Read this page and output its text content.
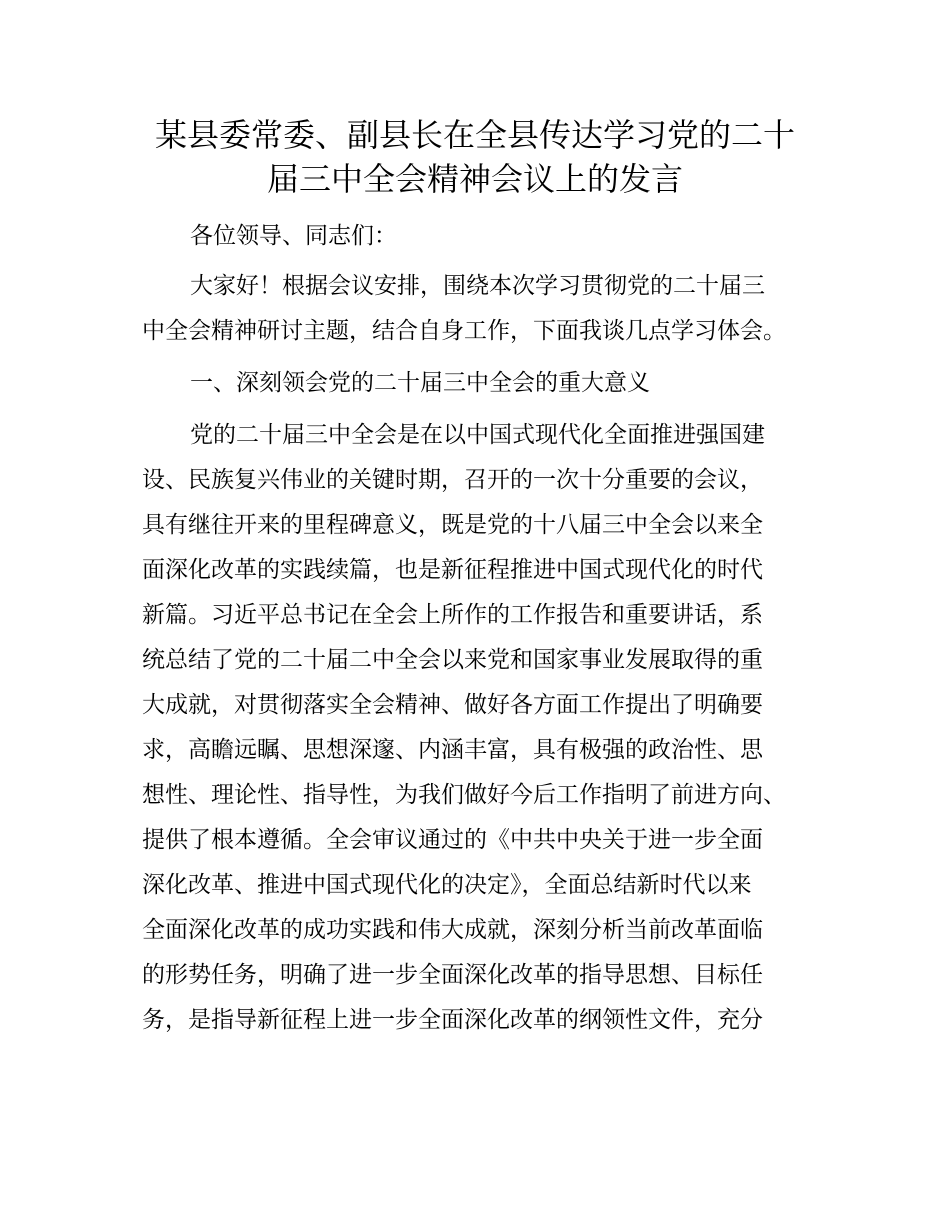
某县委常委、副县长在全县传达学习党的二十
届三中全会精神会议上的发言

各位领导、同志们：

大家好！根据会议安排，围绕本次学习贯彻党的二十届三

中全会精神研讨主题，结合自身工作，下面我谈几点学习体会。

一、深刻领会党的二十届三中全会的重大意义

党的二十届三中全会是在以中国式现代化全面推进强国建

设、民族复兴伟业的关键时期，召开的一次十分重要的会议，

具有继往开来的里程碑意义，既是党的十八届三中全会以来全

面深化改革的实践续篇，也是新征程推进中国式现代化的时代

新篇。习近平总书记在全会上所作的工作报告和重要讲话，系

统总结了党的二十届二中全会以来党和国家事业发展取得的重

大成就，对贯彻落实全会精神、做好各方面工作提出了明确要

求，高瞻远瞩、思想深邃、内涵丰富，具有极强的政治性、思

想性、理论性、指导性，为我们做好今后工作指明了前进方向、

提供了根本遵循。全会审议通过的《中共中央关于进一步全面

深化改革、推进中国式现代化的决定》，全面总结新时代以来

全面深化改革的成功实践和伟大成就，深刻分析当前改革面临

的形势任务，明确了进一步全面深化改革的指导思想、目标任

务，是指导新征程上进一步全面深化改革的纲领性文件，充分
